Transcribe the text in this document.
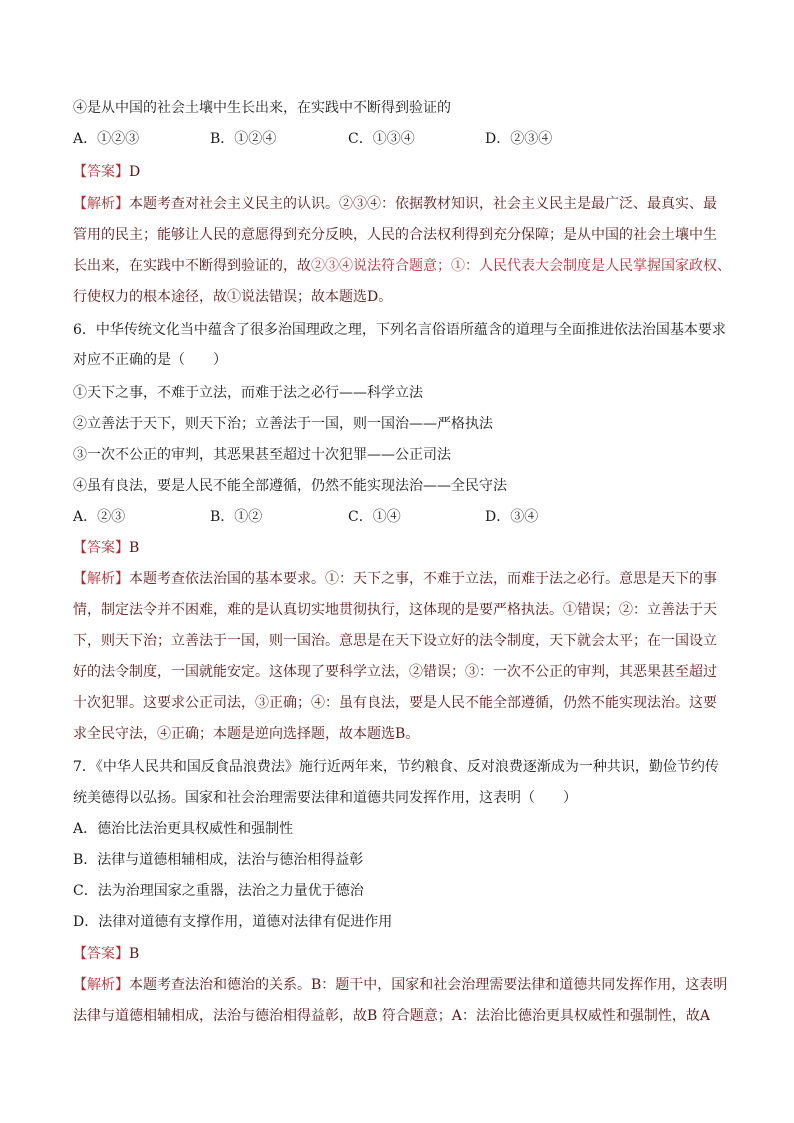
④是从中国的社会土壤中生长出来，在实践中不断得到验证的
A．①②③	B．①②④	C．①③④	D．②③④
【答案】D
【解析】本题考查对社会主义民主的认识。②③④：依据教材知识，社会主义民主是最广泛、最真实、最
管用的民主；能够让人民的意愿得到充分反映，人民的合法权利得到充分保障；是从中国的社会土壤中生
长出来，在实践中不断得到验证的，故②③④说法符合题意；①：人民代表大会制度是人民掌握国家政权、
行使权力的根本途径，故①说法错误；故本题选D。
6．中华传统文化当中蕴含了很多治国理政之理，下列名言俗语所蕴含的道理与全面推进依法治国基本要求
对应不正确的是（　　）
①天下之事，不难于立法，而难于法之必行——科学立法
②立善法于天下，则天下治；立善法于一国，则一国治——严格执法
③一次不公正的审判，其恶果甚至超过十次犯罪——公正司法
④虽有良法，要是人民不能全部遵循，仍然不能实现法治——全民守法
A．②③	B．①②	C．①④	D．③④
【答案】B
【解析】本题考查依法治国的基本要求。①：天下之事，不难于立法，而难于法之必行。意思是天下的事
情，制定法令并不困难，难的是认真切实地贯彻执行，这体现的是要严格执法。①错误；②：立善法于天
下，则天下治；立善法于一国，则一国治。意思是在天下设立好的法令制度，天下就会太平；在一国设立
好的法令制度，一国就能安定。这体现了要科学立法，②错误；③：一次不公正的审判，其恶果甚至超过
十次犯罪。这要求公正司法，③正确；④：虽有良法，要是人民不能全部遵循，仍然不能实现法治。这要
求全民守法，④正确；本题是逆向选择题，故本题选B。
7．《中华人民共和国反食品浪费法》施行近两年来，节约粮食、反对浪费逐渐成为一种共识，勤俭节约传
统美德得以弘扬。国家和社会治理需要法律和道德共同发挥作用，这表明（　　）
A．德治比法治更具权威性和强制性
B．法律与道德相辅相成，法治与德治相得益彰
C．法为治理国家之重器，法治之力量优于德治
D．法律对道德有支撑作用，道德对法律有促进作用
【答案】B
【解析】本题考查法治和德治的关系。B：题干中，国家和社会治理需要法律和道德共同发挥作用，这表明
法律与道德相辅相成，法治与德治相得益彰，故B 符合题意；A：法治比德治更具权威性和强制性，故A
